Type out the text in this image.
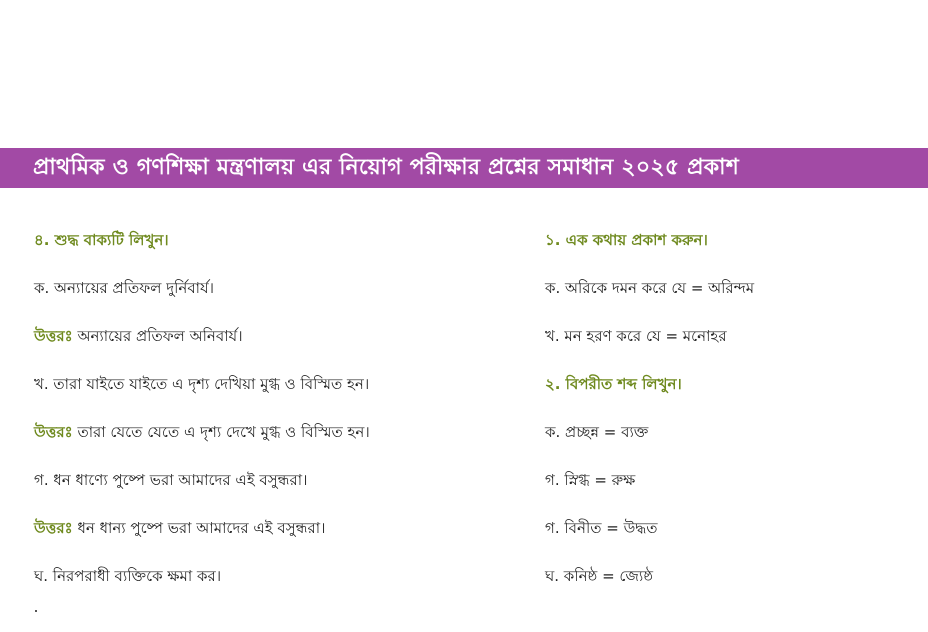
প্রাথমিক ও গণশিক্ষা মন্ত্রণালয় এর নিয়োগ পরীক্ষার প্রশ্নের সমাধান ২০২৫ প্রকাশ
৪. শুদ্ধ বাক্যটি লিখুন।
ক. অন্যায়ের প্রতিফল দুর্নিবার্য।
উত্তরঃ অন্যায়ের প্রতিফল অনিবার্য।
খ. তারা যাইতে যাইতে এ দৃশ্য দেখিয়া মুগ্ধ ও বিস্মিত হন।
উত্তরঃ তারা যেতে যেতে এ দৃশ্য দেখে মুগ্ধ ও বিস্মিত হন।
গ. ধন ধাণ্যে পুষ্পে ভরা আমাদের এই বসুন্ধরা।
উত্তরঃ ধন ধান্য পুষ্পে ভরা আমাদের এই বসুন্ধরা।
ঘ. নিরপরাধী ব্যক্তিকে ক্ষমা কর।
১. এক কথায় প্রকাশ করুন।
ক. অরিকে দমন করে যে = অরিন্দম
খ. মন হরণ করে যে = মনোহর
২. বিপরীত শব্দ লিখুন।
ক. প্রচ্ছন্ন = ব্যক্ত
গ. স্নিগ্ধ = রুক্ষ
গ. বিনীত = উদ্ধত
ঘ. কনিষ্ঠ = জ্যেষ্ঠ
